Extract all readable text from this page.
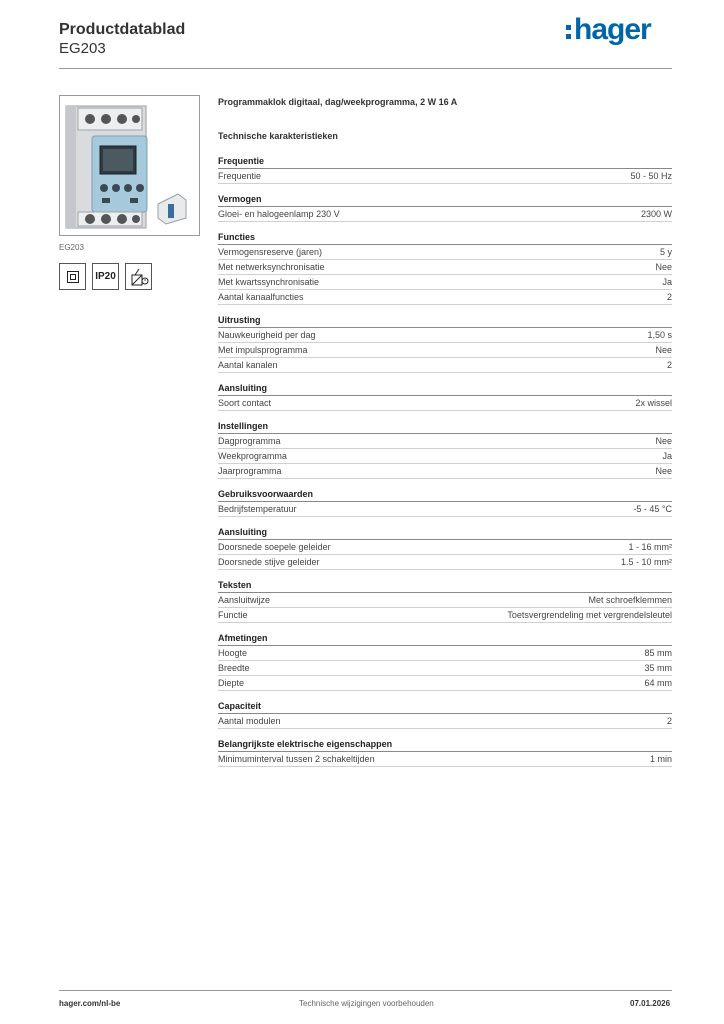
Productdatablad
EG203
hager
EG203
IP20
Programmaklok digitaal, dag/weekprogramma, 2 W 16 A
Technische karakteristieken
Frequentie
Frequentie	50 - 50 Hz
Vermogen
Gloei- en halogeenlamp 230 V	2300 W
Functies
Vermogensreserve (jaren)	5 y
Met netwerksynchronisatie	Nee
Met kwartssynchronisatie	Ja
Aantal kanaalfuncties	2
Uitrusting
Nauwkeurigheid per dag	1,50 s
Met impulsprogramma	Nee
Aantal kanalen	2
Aansluiting
Soort contact	2x wissel
Instellingen
Dagprogramma	Nee
Weekprogramma	Ja
Jaarprogramma	Nee
Gebruiksvoorwaarden
Bedrijfstemperatuur	-5 - 45 °C
Aansluiting
Doorsnede soepele geleider	1 - 16 mm²
Doorsnede stijve geleider	1.5 - 10 mm²
Teksten
Aansluitwijze	Met schroefklemmen
Functie	Toetsvergrendeling met vergrendelsleutel
Afmetingen
Hoogte	85 mm
Breedte	35 mm
Diepte	64 mm
Capaciteit
Aantal modulen	2
Belangrijkste elektrische eigenschappen
Minimuminterval tussen 2 schakeltijden	1 min
hager.com/nl-be	Technische wijzigingen voorbehouden	07.01.2026
